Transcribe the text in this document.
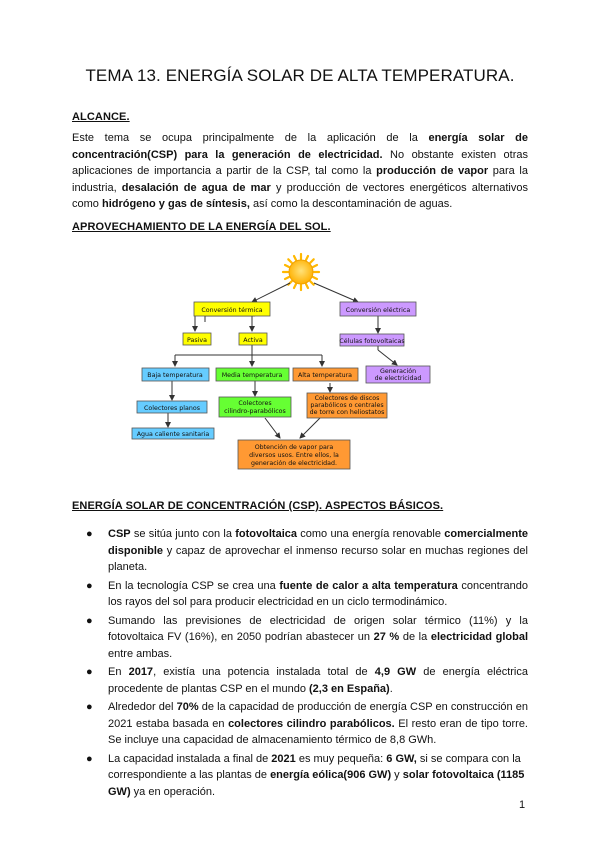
TEMA 13. ENERGÍA SOLAR DE ALTA TEMPERATURA.

ALCANCE.

Este tema se ocupa principalmente de la aplicación de la energía solar de concentración(CSP) para la generación de electricidad. No obstante existen otras aplicaciones de importancia a partir de la CSP, tal como la producción de vapor para la industria, desalación de agua de mar y producción de vectores energéticos alternativos como hidrógeno y gas de síntesis, así como la descontaminación de aguas.

APROVECHAMIENTO DE LA ENERGÍA DEL SOL.

Conversión térmica	Conversión eléctrica
Pasiva	Activa	Células fotovoltaicas
Generación
de electricidad
Baja temperatura	Media temperatura Alta temperatura
Colectores planos
Colectores
cilindro-parabólicos
Colectores de discos
parabólicos o centrales
de torre con heliostatos
Agua caliente sanitaria
Obtención de vapor para
diversos usos. Entre ellos, la
generación de electricidad.

ENERGÍA SOLAR DE CONCENTRACIÓN (CSP). ASPECTOS BÁSICOS.

● CSP se sitúa junto con la fotovoltaica como una energía renovable comercialmente disponible y capaz de aprovechar el inmenso recurso solar en muchas regiones del planeta.
● En la tecnología CSP se crea una fuente de calor a alta temperatura concentrando los rayos del sol para producir electricidad en un ciclo termodinámico.
● Sumando las previsiones de electricidad de origen solar térmico (11%) y la fotovoltaica FV (16%), en 2050 podrían abastecer un 27 % de la electricidad global entre ambas.
● En 2017, existía una potencia instalada total de 4,9 GW de energía eléctrica procedente de plantas CSP en el mundo (2,3 en España).
● Alrededor del 70% de la capacidad de producción de energía CSP en construcción en 2021 estaba basada en colectores cilindro parabólicos. El resto eran de tipo torre. Se incluye una capacidad de almacenamiento térmico de 8,8 GWh.
● La capacidad instalada a final de 2021 es muy pequeña: 6 GW, si se compara con la correspondiente a las plantas de energía eólica(906 GW) y solar fotovoltaica (1185 GW) ya en operación.
1
